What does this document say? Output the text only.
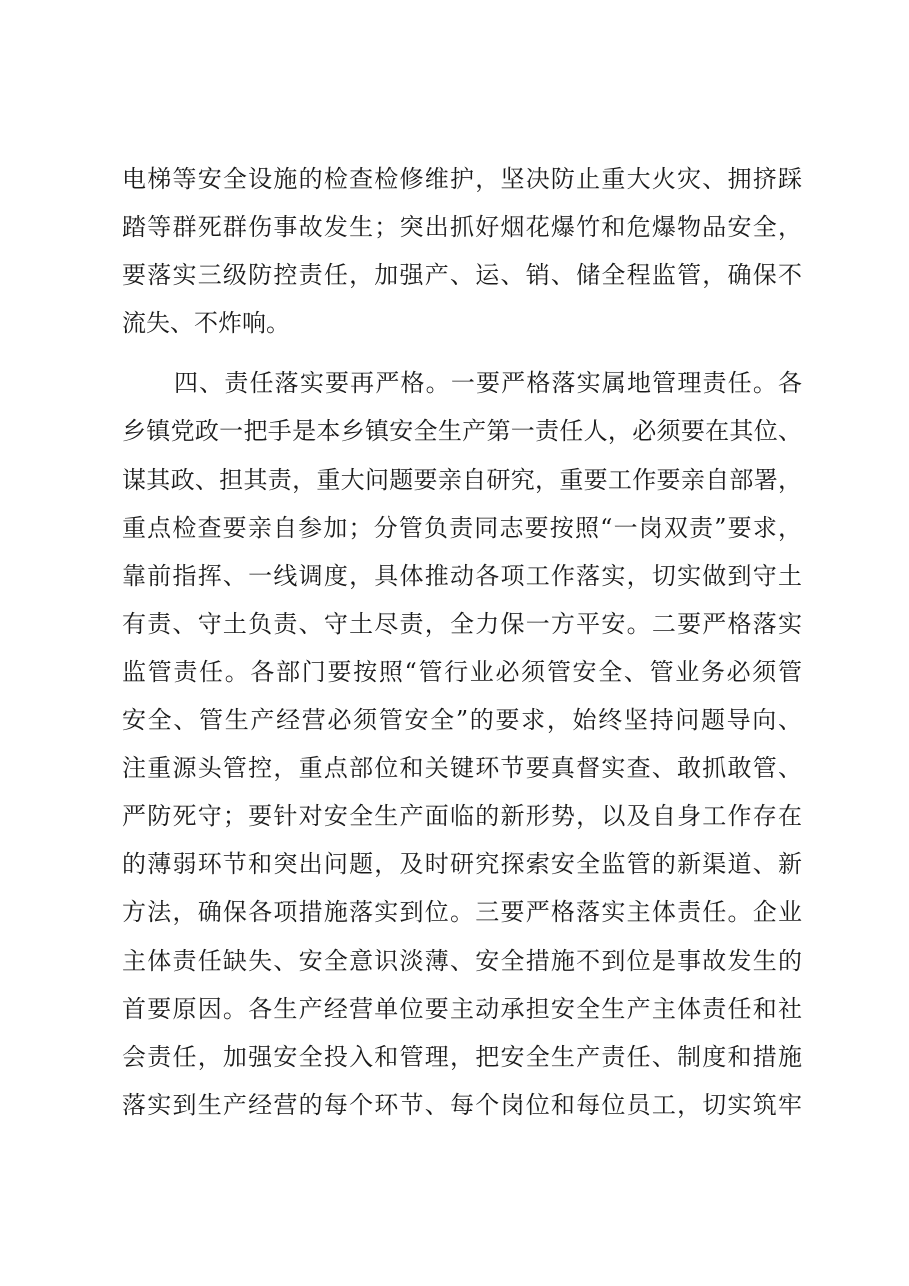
电梯等安全设施的检查检修维护，坚决防止重大火灾、拥挤踩
踏等群死群伤事故发生；突出抓好烟花爆竹和危爆物品安全，
要落实三级防控责任，加强产、运、销、储全程监管，确保不
流失、不炸响。
四、责任落实要再严格。一要严格落实属地管理责任。各
乡镇党政一把手是本乡镇安全生产第一责任人，必须要在其位、
谋其政、担其责，重大问题要亲自研究，重要工作要亲自部署，
重点检查要亲自参加；分管负责同志要按照“一岗双责”要求，
靠前指挥、一线调度，具体推动各项工作落实，切实做到守土
有责、守土负责、守土尽责，全力保一方平安。二要严格落实
监管责任。各部门要按照“管行业必须管安全、管业务必须管
安全、管生产经营必须管安全”的要求，始终坚持问题导向、
注重源头管控，重点部位和关键环节要真督实查、敢抓敢管、
严防死守；要针对安全生产面临的新形势，以及自身工作存在
的薄弱环节和突出问题，及时研究探索安全监管的新渠道、新
方法，确保各项措施落实到位。三要严格落实主体责任。企业
主体责任缺失、安全意识淡薄、安全措施不到位是事故发生的
首要原因。各生产经营单位要主动承担安全生产主体责任和社
会责任，加强安全投入和管理，把安全生产责任、制度和措施
落实到生产经营的每个环节、每个岗位和每位员工，切实筑牢
